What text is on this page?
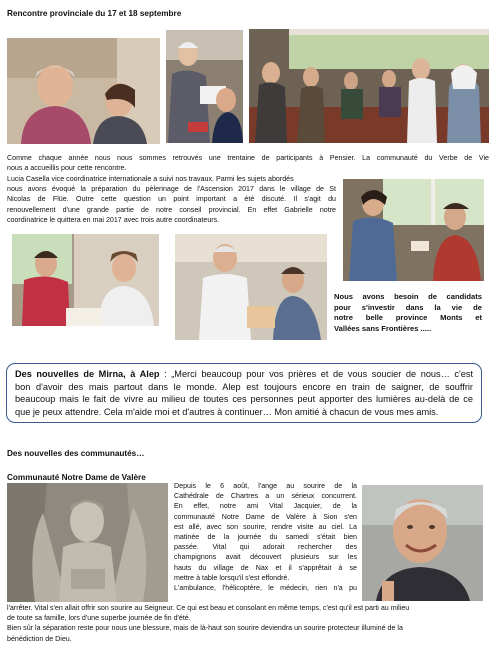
Rencontre provinciale du 17 et 18 septembre
Comme chaque année nous nous sommes retrouvés une trentaine de participants à Pensier. La communauté du Verbe de Vie
nous a accueillis pour cette rencontre.
Lucia Casella vice coordinatrice internationale a suivi nos travaux. Parmi les sujets abordés
nous avons évoqué la préparation du pèlerinage de l'Ascension 2017 dans le village de St
Nicolas de Flüe. Outre cette question un point important a été discuté. Il s'agit du
renouvellement d'une grande partie de notre conseil provincial. En effet Gabrielle notre
coordinatrice le quittera en mai 2017 avec trois autre coordinateurs.
Nous avons besoin de candidats
pour s'investir dans la vie de
notre belle province Monts et
Vallées sans Frontières .....
Des nouvelles de Mirna, à Alep : „Merci beaucoup pour vos prières et de vous soucier de nous… c'est
bon d'avoir des mais partout dans le monde. Alep est toujours encore en train de saigner, de souffrir
beaucoup mais le fait de vivre au milieu de toutes ces personnes peut apporter des lumières au-delà de ce
que je peux attendre. Cela m'aide moi et d'autres à continuer… Mon amitié à chacun de vous mes amis.
Des nouvelles des communautés…
Communauté Notre Dame de Valère
Depuis le 6 août, l'ange au sourire de la
Cathédrale de Chartres a un sérieux concurrent.
En effet, notre ami Vital Jacquier, de la
communauté Notre Dame de Valère à Sion s'en
est allé, avec son sourire, rendre visite au ciel. La
matinée de la journée du samedi s'était bien
passée. Vital qui adorait rechercher des
champignons avait découvert plusieurs sur les
hauts du village de Nax et il s'apprêtait à se
mettre à table lorsqu'il s'est effondré.
L'ambulance, l'hélicoptère, le médecin, rien n'a pu
l'arrêter. Vital s'en allait offrir son sourire au Seigneur. Ce qui est beau et consolant en même temps, c'est qu'il est parti au milieu
de toute sa famille, lors d'une superbe journée de fin d'été.
Bien sûr la séparation reste pour nous une blessure, mais de là-haut son sourire deviendra un sourire protecteur illuminé de la
bénédiction de Dieu.
